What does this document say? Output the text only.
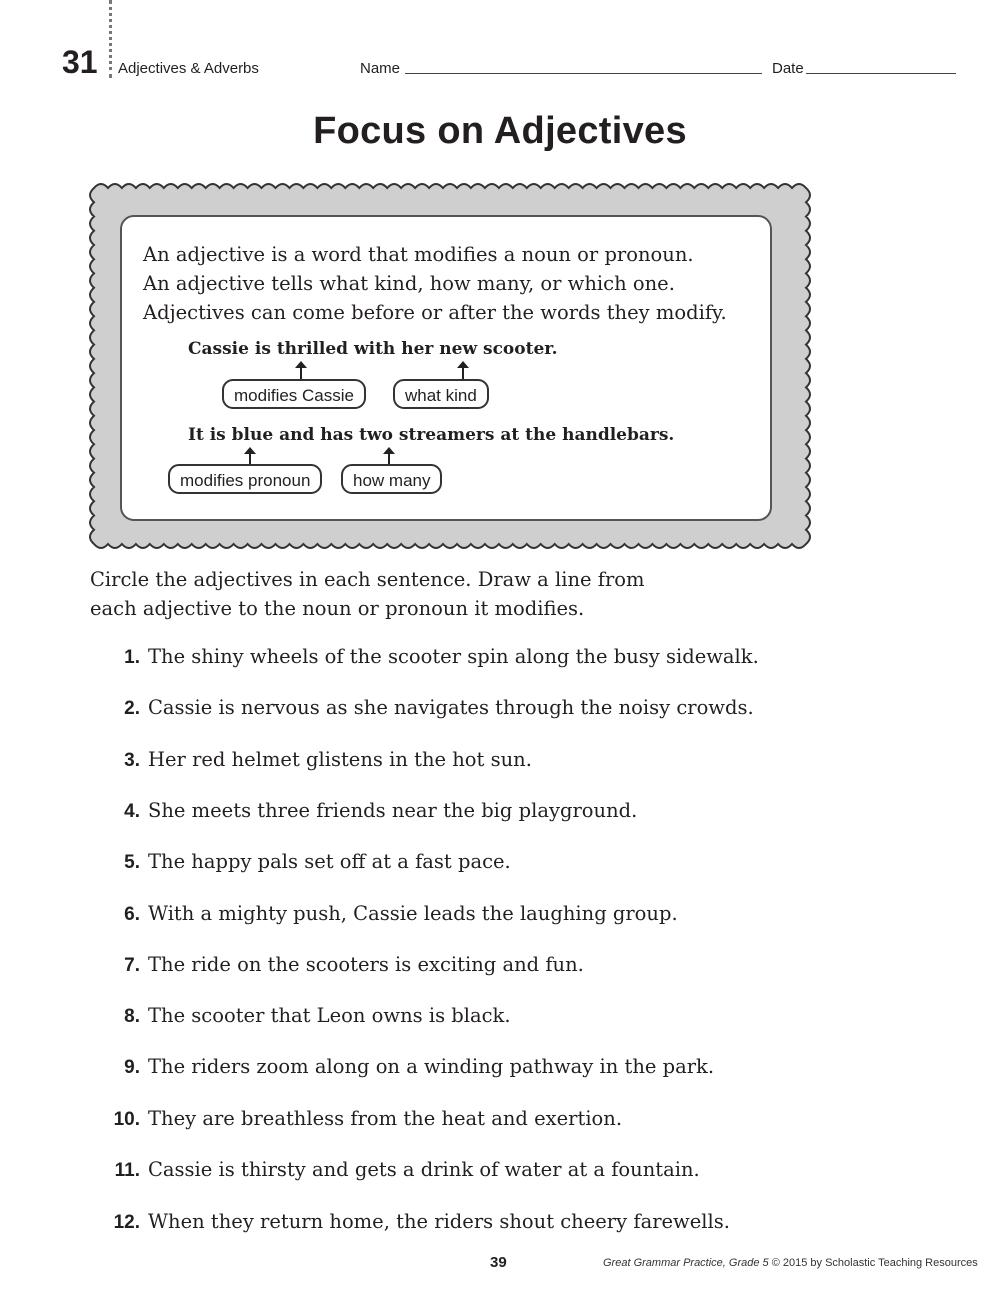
31 Adjectives & Adverbs	Name	Date
Focus on Adjectives
An adjective is a word that modifies a noun or pronoun.
An adjective tells what kind, how many, or which one.
Adjectives can come before or after the words they modify.
Cassie is thrilled with her new scooter.
modifies Cassie	what kind
It is blue and has two streamers at the handlebars.
modifies pronoun	how many
Circle the adjectives in each sentence. Draw a line from
each adjective to the noun or pronoun it modifies.
1. The shiny wheels of the scooter spin along the busy sidewalk.
2. Cassie is nervous as she navigates through the noisy crowds.
3. Her red helmet glistens in the hot sun.
4. She meets three friends near the big playground.
5. The happy pals set off at a fast pace.
6. With a mighty push, Cassie leads the laughing group.
7. The ride on the scooters is exciting and fun.
8. The scooter that Leon owns is black.
9. The riders zoom along on a winding pathway in the park.
10. They are breathless from the heat and exertion.
11. Cassie is thirsty and gets a drink of water at a fountain.
12. When they return home, the riders shout cheery farewells.
39	Great Grammar Practice, Grade 5 © 2015 by Scholastic Teaching Resources
